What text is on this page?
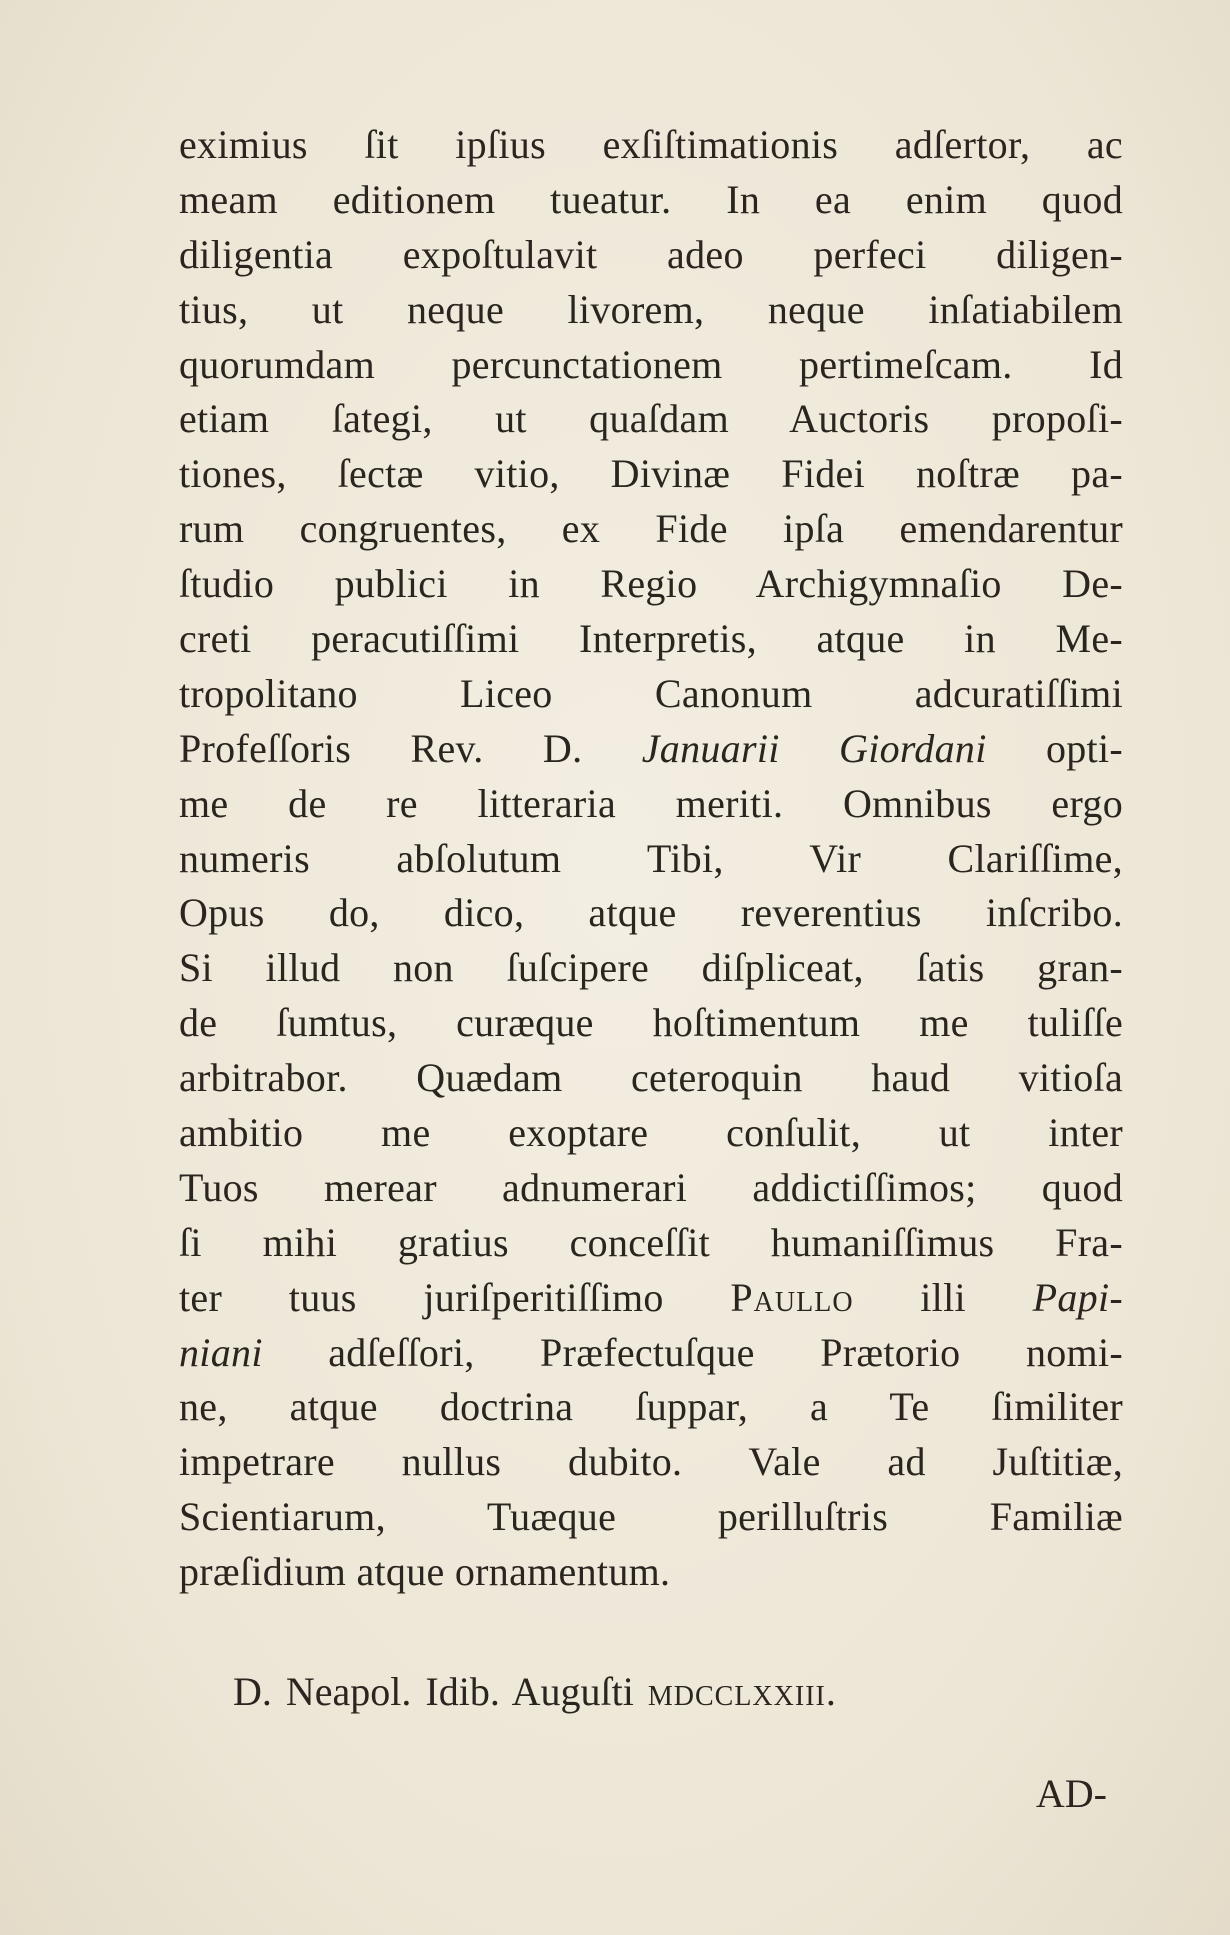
eximius ſit ipſius exſiſtimationis adſertor, ac
meam editionem tueatur. In ea enim quod
diligentia expoſtulavit adeo perfeci diligen-
tius, ut neque livorem, neque inſatiabilem
quorumdam percunctationem pertimeſcam. Id
etiam ſategi, ut quaſdam Auctoris propoſi-
tiones, ſectæ vitio, Divinæ Fidei noſtræ pa-
rum congruentes, ex Fide ipſa emendarentur
ſtudio publici in Regio Archigymnaſio De-
creti peracutiſſimi Interpretis, atque in Me-
tropolitano Liceo Canonum adcuratiſſimi
Profeſſoris Rev. D. Januarii Giordani opti-
me de re litteraria meriti. Omnibus ergo
numeris abſolutum Tibi, Vir Clariſſime,
Opus do, dico, atque reverentius inſcribo.
Si illud non ſuſcipere diſpliceat, ſatis gran-
de ſumtus, curæque hoſtimentum me tuliſſe
arbitrabor. Quædam ceteroquin haud vitioſa
ambitio me exoptare conſulit, ut inter
Tuos merear adnumerari addictiſſimos; quod
ſi mihi gratius conceſſit humaniſſimus Fra-
ter tuus juriſperitiſſimo Paullo illi Papi-
niani adſeſſori, Præfectuſque Prætorio nomi-
ne, atque doctrina ſuppar, a Te ſimiliter
impetrare nullus dubito. Vale ad Juſtitiæ,
Scientiarum, Tuæque perilluſtris Familiæ
præſidium atque ornamentum.
D. Neapol. Idib. Auguſti mdcclxxiii.
AD-
